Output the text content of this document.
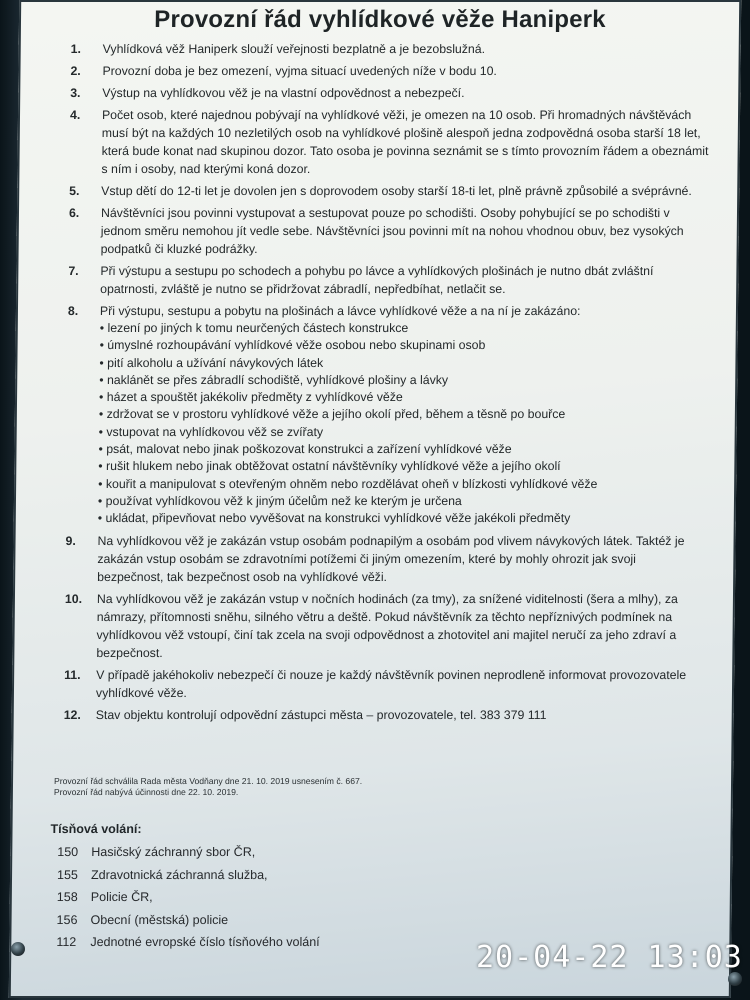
Provozní řád vyhlídkové věže Haniperk
1.	Vyhlídková věž Haniperk slouží veřejnosti bezplatně a je bezobslužná.
2.	Provozní doba je bez omezení, vyjma situací uvedených níže v bodu 10.
3.	Výstup na vyhlídkovou věž je na vlastní odpovědnost a nebezpečí.
4.	Počet osob, které najednou pobývají na vyhlídkové věži, je omezen na 10 osob. Při hromadných návštěvách musí být na každých 10 nezletilých osob na vyhlídkové plošině alespoň jedna zodpovědná osoba starší 18 let, která bude konat nad skupinou dozor. Tato osoba je povinna seznámit se s tímto provozním řádem a obeznámit s ním i osoby, nad kterými koná dozor.
5.	Vstup dětí do 12-ti let je dovolen jen s doprovodem osoby starší 18-ti let, plně právně způsobilé a svéprávné.
6.	Návštěvníci jsou povinni vystupovat a sestupovat pouze po schodišti. Osoby pohybující se po schodišti v jednom směru nemohou jít vedle sebe. Návštěvníci jsou povinni mít na nohou vhodnou obuv, bez vysokých podpatků či kluzké podrážky.
7.	Při výstupu a sestupu po schodech a pohybu po lávce a vyhlídkových plošinách je nutno dbát zvláštní opatrnosti, zvláště je nutno se přidržovat zábradlí, nepředbíhat, netlačit se.
8.	Při výstupu, sestupu a pobytu na plošinách a lávce vyhlídkové věže a na ní je zakázáno:
• lezení po jiných k tomu neurčených částech konstrukce
• úmyslné rozhoupávání vyhlídkové věže osobou nebo skupinami osob
• pití alkoholu a užívání návykových látek
• naklánět se přes zábradlí schodiště, vyhlídkové plošiny a lávky
• házet a spouštět jakékoliv předměty z vyhlídkové věže
• zdržovat se v prostoru vyhlídkové věže a jejího okolí před, během a těsně po bouřce
• vstupovat na vyhlídkovou věž se zvířaty
• psát, malovat nebo jinak poškozovat konstrukci a zařízení vyhlídkové věže
• rušit hlukem nebo jinak obtěžovat ostatní návštěvníky vyhlídkové věže a jejího okolí
• kouřit a manipulovat s otevřeným ohněm nebo rozdělávat oheň v blízkosti vyhlídkové věže
• používat vyhlídkovou věž k jiným účelům než ke kterým je určena
• ukládat, připevňovat nebo vyvěšovat na konstrukci vyhlídkové věže jakékoli předměty
9.	Na vyhlídkovou věž je zakázán vstup osobám podnapilým a osobám pod vlivem návykových látek. Taktéž je zakázán vstup osobám se zdravotními potížemi či jiným omezením, které by mohly ohrozit jak svoji bezpečnost, tak bezpečnost osob na vyhlídkové věži.
10.	Na vyhlídkovou věž je zakázán vstup v nočních hodinách (za tmy), za snížené viditelnosti (šera a mlhy), za námrazy, přítomnosti sněhu, silného větru a deště. Pokud návštěvník za těchto nepříznivých podmínek na vyhlídkovou věž vstoupí, činí tak zcela na svoji odpovědnost a zhotovitel ani majitel neručí za jeho zdraví a bezpečnost.
11.	V případě jakéhokoliv nebezpečí či nouze je každý návštěvník povinen neprodleně informovat provozovatele vyhlídkové věže.
12.	Stav objektu kontrolují odpovědní zástupci města – provozovatele, tel. 383 379 111
Provozní řád schválila Rada města Vodňany dne 21. 10. 2019 usnesením č. 667.
Provozní řád nabývá účinnosti dne 22. 10. 2019.
Tísňová volání:
150	Hasičský záchranný sbor ČR,
155	Zdravotnická záchranná služba,
158	Policie ČR,
156	Obecní (městská) policie
112	Jednotné evropské číslo tísňového volání	20-04-22 13:03
